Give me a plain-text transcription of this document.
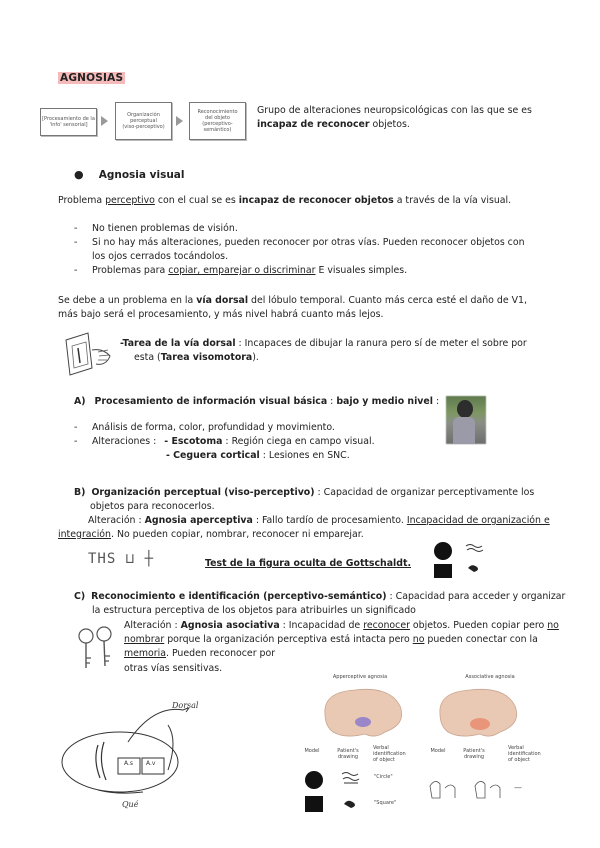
AGNOSIAS
[Procesamiento de la 'info' sensorial]
Organización
perceptual
(viso-perceptivo)
Reconocimiento
del objeto
(perceptivo-
semántico)
Grupo de alteraciones neuropsicológicas con las que se es
incapaz de reconocer objetos.
● Agnosia visual
Problema perceptivo con el cual se es incapaz de reconocer objetos a través de la vía visual.
- No tienen problemas de visión.
- Si no hay más alteraciones, pueden reconocer por otras vías. Pueden reconocer objetos con
los ojos cerrados tocándolos.
- Problemas para copiar, emparejar o discriminar E visuales simples.
Se debe a un problema en la vía dorsal del lóbulo temporal. Cuanto más cerca esté el daño de V1,
más bajo será el procesamiento, y más nivel habrá cuanto más lejos.
-Tarea de la vía dorsal : Incapaces de dibujar la ranura pero sí de meter el sobre por
esta (Tarea visomotora).
A) Procesamiento de información visual básica : bajo y medio nivel :
- Análisis de forma, color, profundidad y movimiento.
- Alteraciones : - Escotoma : Región ciega en campo visual.
- Ceguera cortical : Lesiones en SNC.
B) Organización perceptual (viso-perceptivo) : Capacidad de organizar perceptivamente los
objetos para reconocerlos.
Alteración : Agnosia aperceptiva : Fallo tardío de procesamiento. Incapacidad de organización e
integración. No pueden copiar, nombrar, reconocer ni emparejar.
THS ⊔ ┼	Test de la figura oculta de Gottschaldt.
C) Reconocimiento e identificación (perceptivo-semántico) : Capacidad para acceder y organizar
la estructura perceptiva de los objetos para atribuirles un significado
Alteración : Agnosia asociativa : Incapacidad de reconocer objetos. Pueden copiar pero no
nombrar porque la organización perceptiva está intacta pero no pueden conectar con la
memoria. Pueden reconocer por
otras vías sensitivas.
Dorsal
A.s A.v
Qué
Apperceptive agnosia	Associative agnosia
Model	Patient's drawing
Verbal identification of object
Model	Patient's drawing
Verbal identification of object
"Circle"
"Square"
—
